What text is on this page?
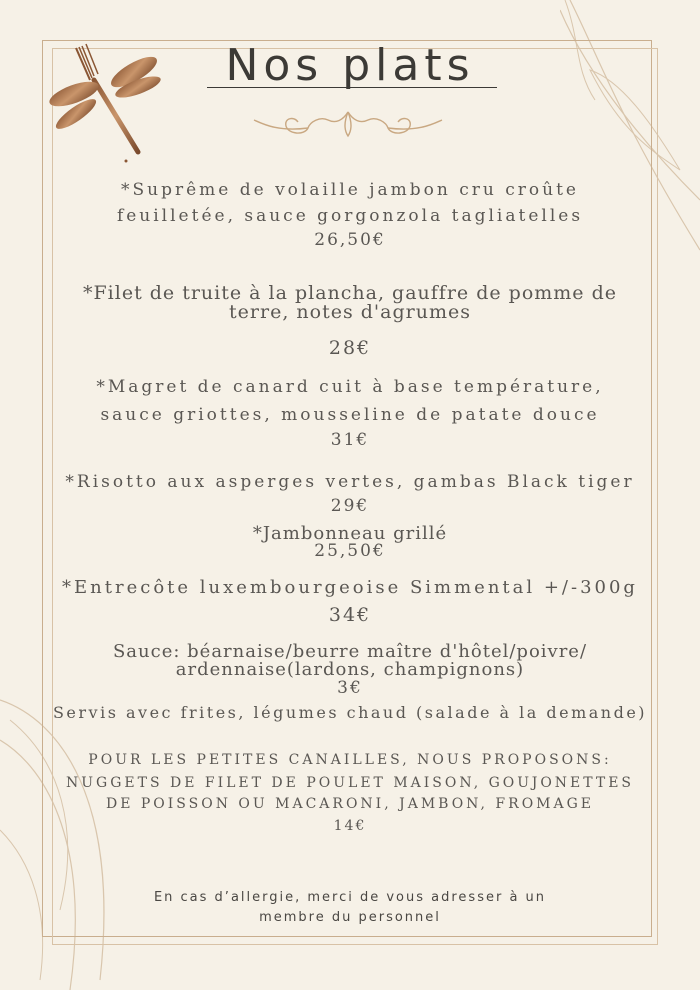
Nos plats
*Suprême de volaille jambon cru croûte
feuilletée, sauce gorgonzola tagliatelles
26,50€
*Filet de truite à la plancha, gauffre de pomme de
terre, notes d'agrumes
28€
*Magret de canard cuit à base température,
sauce griottes, mousseline de patate douce
31€
*Risotto aux asperges vertes, gambas Black tiger
29€
*Jambonneau grillé
25,50€
*Entrecôte luxembourgeoise Simmental +/-300g
34€
Sauce: béarnaise/beurre maître d'hôtel/poivre/
ardennaise(lardons, champignons)
3€
Servis avec frites, légumes chaud (salade à la demande)
POUR LES PETITES CANAILLES, NOUS PROPOSONS:
NUGGETS DE FILET DE POULET MAISON, GOUJONETTES
DE POISSON OU MACARONI, JAMBON, FROMAGE
14€
En cas d’allergie, merci de vous adresser à un
membre du personnel
